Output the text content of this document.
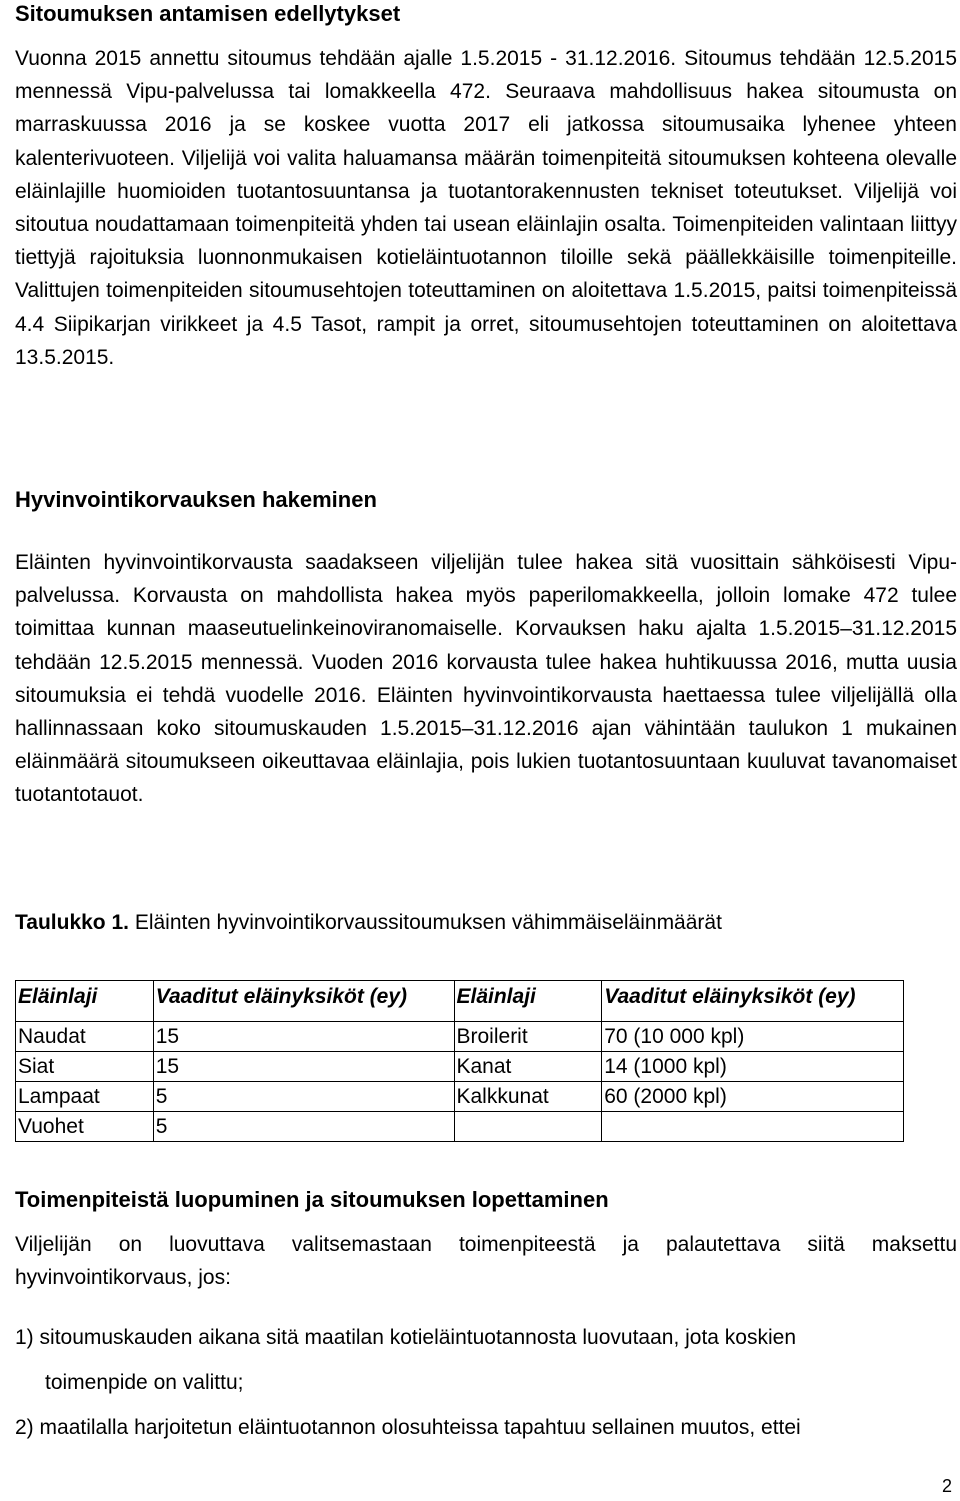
Sitoumuksen antamisen edellytykset

Vuonna 2015 annettu sitoumus tehdään ajalle 1.5.2015 - 31.12.2016. Sitoumus tehdään 12.5.2015 mennessä Vipu-palvelussa tai lomakkeella 472. Seuraava mahdollisuus hakea sitoumusta on marraskuussa 2016 ja se koskee vuotta 2017 eli jatkossa sitoumusaika lyhenee yhteen kalenterivuoteen. Viljelijä voi valita haluamansa määrän toimenpiteitä sitoumuksen kohteena olevalle eläinlajille huomioiden tuotantosuuntansa ja tuotantorakennusten tekniset toteutukset. Viljelijä voi sitoutua noudattamaan toimenpiteitä yhden tai usean eläinlajin osalta. Toimenpiteiden valintaan liittyy tiettyjä rajoituksia luonnonmukaisen kotieläintuotannon tiloille sekä päällekkäisille toimenpiteille. Valittujen toimenpiteiden sitoumusehtojen toteuttaminen on aloitettava 1.5.2015, paitsi toimenpiteissä 4.4 Siipikarjan virikkeet ja 4.5 Tasot, rampit ja orret, sitoumusehtojen toteuttaminen on aloitettava 13.5.2015.

Hyvinvointikorvauksen hakeminen

Eläinten hyvinvointikorvausta saadakseen viljelijän tulee hakea sitä vuosittain sähköisesti Vipu-palvelussa. Korvausta on mahdollista hakea myös paperilomakkeella, jolloin lomake 472 tulee toimittaa kunnan maaseutuelinkeinoviranomaiselle. Korvauksen haku ajalta 1.5.2015–31.12.2015 tehdään 12.5.2015 mennessä. Vuoden 2016 korvausta tulee hakea huhtikuussa 2016, mutta uusia sitoumuksia ei tehdä vuodelle 2016. Eläinten hyvinvointikorvausta haettaessa tulee viljelijällä olla hallinnassaan koko sitoumuskauden 1.5.2015–31.12.2016 ajan vähintään taulukon 1 mukainen eläinmäärä sitoumukseen oikeuttavaa eläinlajia, pois lukien tuotantosuuntaan kuuluvat tavanomaiset tuotantotauot.

Taulukko 1. Eläinten hyvinvointikorvaussitoumuksen vähimmäiseläinmäärät
Eläinlaji	Vaaditut eläinyksiköt (ey)	Eläinlaji	Vaaditut eläinyksiköt (ey)

Naudat	15	Broilerit	70 (10 000 kpl)
Siat	15	Kanat	14 (1000 kpl)
Lampaat	5	Kalkkunat	60 (2000 kpl)
Vuohet	5		
Toimenpiteistä luopuminen ja sitoumuksen lopettaminen

Viljelijän on luovuttava valitsemastaan toimenpiteestä ja palautettava siitä maksettu hyvinvointikorvaus, jos:

1) sitoumuskauden aikana sitä maatilan kotieläintuotannosta luovutaan, jota koskien
toimenpide on valittu;
2) maatilalla harjoitetun eläintuotannon olosuhteissa tapahtuu sellainen muutos, ettei
2
